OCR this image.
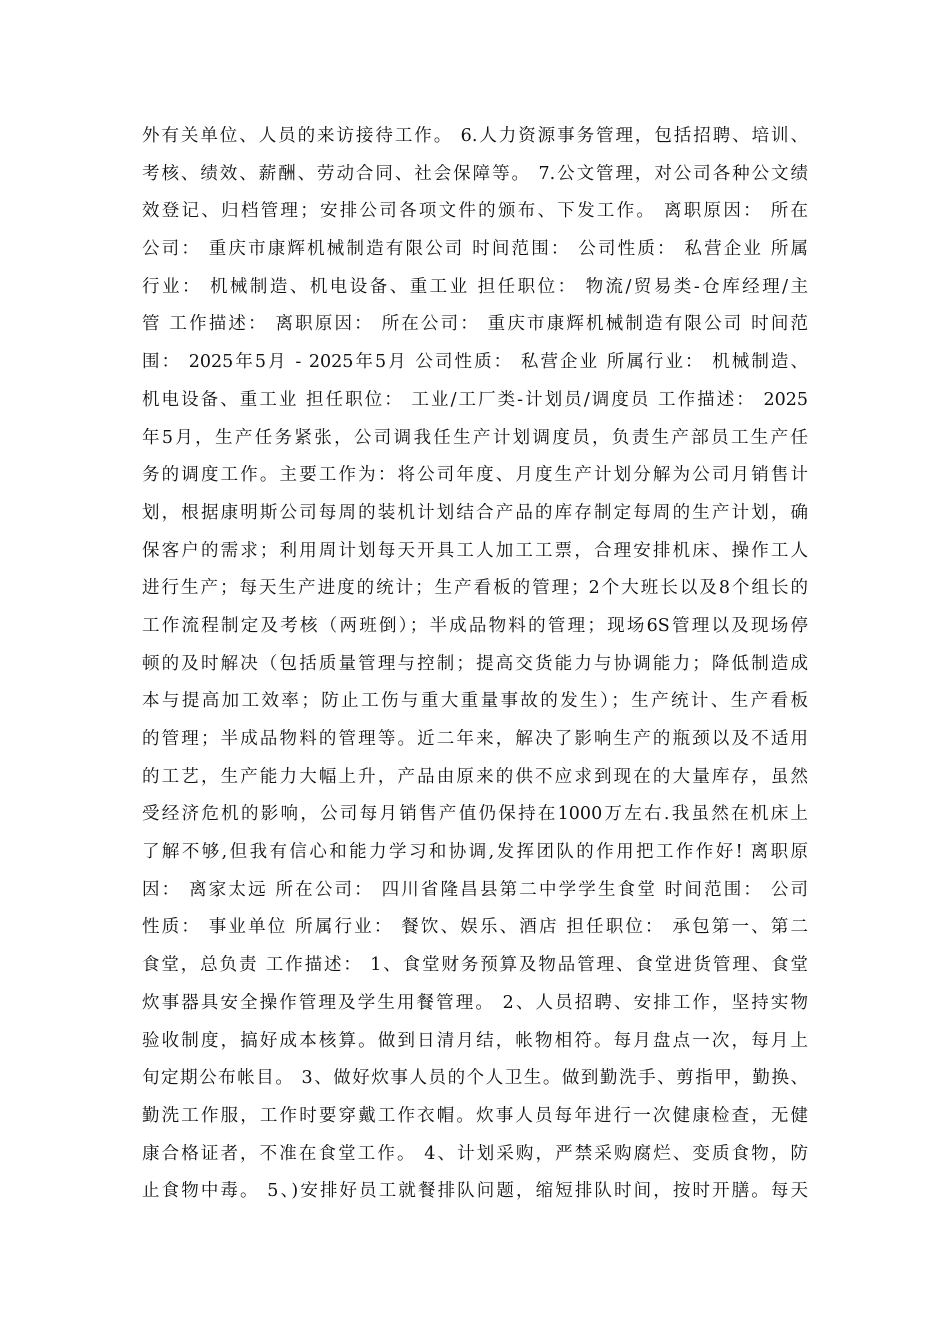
外有关单位、人员的来访接待工作。 6.人力资源事务管理，包括招聘、培训、
考核、绩效、薪酬、劳动合同、社会保障等。 7.公文管理，对公司各种公文绩
效登记、归档管理；安排公司各项文件的颁布、下发工作。 离职原因： 所在
公司： 重庆市康辉机械制造有限公司 时间范围： 公司性质： 私营企业 所属
行业： 机械制造、机电设备、重工业 担任职位： 物流/贸易类-仓库经理/主
管 工作描述： 离职原因： 所在公司： 重庆市康辉机械制造有限公司 时间范
围： 2025年5月 - 2025年5月 公司性质： 私营企业 所属行业： 机械制造、
机电设备、重工业 担任职位： 工业/工厂类-计划员/调度员 工作描述： 2025
年5月，生产任务紧张，公司调我任生产计划调度员，负责生产部员工生产任
务的调度工作。主要工作为：将公司年度、月度生产计划分解为公司月销售计
划，根据康明斯公司每周的装机计划结合产品的库存制定每周的生产计划，确
保客户的需求；利用周计划每天开具工人加工工票，合理安排机床、操作工人
进行生产；每天生产进度的统计；生产看板的管理；2个大班长以及8个组长的
工作流程制定及考核（两班倒）；半成品物料的管理；现场6S管理以及现场停
顿的及时解决（包括质量管理与控制；提高交货能力与协调能力；降低制造成
本与提高加工效率；防止工伤与重大重量事故的发生）；生产统计、生产看板
的管理；半成品物料的管理等。近二年来，解决了影响生产的瓶颈以及不适用
的工艺，生产能力大幅上升，产品由原来的供不应求到现在的大量库存，虽然
受经济危机的影响，公司每月销售产值仍保持在1000万左右.我虽然在机床上
了解不够,但我有信心和能力学习和协调,发挥团队的作用把工作作好! 离职原
因： 离家太远 所在公司： 四川省隆昌县第二中学学生食堂 时间范围： 公司
性质： 事业单位 所属行业： 餐饮、娱乐、酒店 担任职位： 承包第一、第二
食堂，总负责 工作描述： 1、食堂财务预算及物品管理、食堂进货管理、食堂
炊事器具安全操作管理及学生用餐管理。 2、人员招聘、安排工作，坚持实物
验收制度，搞好成本核算。做到日清月结，帐物相符。每月盘点一次，每月上
旬定期公布帐目。 3、做好炊事人员的个人卫生。做到勤洗手、剪指甲，勤换、
勤洗工作服，工作时要穿戴工作衣帽。炊事人员每年进行一次健康检查，无健
康合格证者，不准在食堂工作。 4、计划采购，严禁采购腐烂、变质食物，防
止食物中毒。 5、)安排好员工就餐排队问题，缩短排队时间，按时开膳。每天
